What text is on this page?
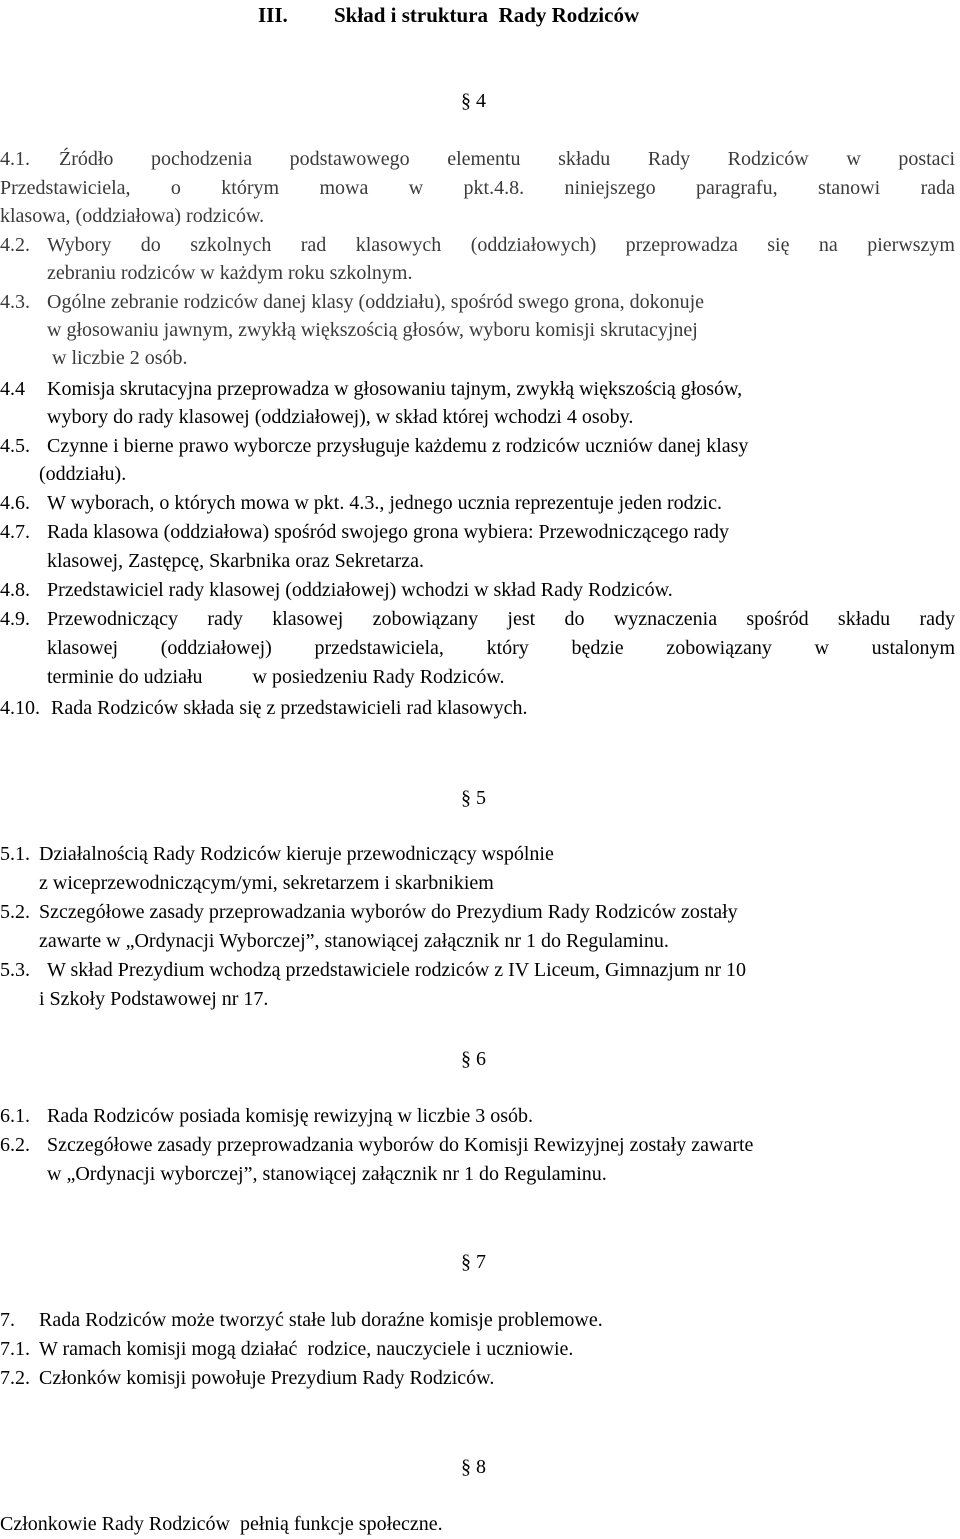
III. Skład i struktura  Rady Rodziców
§ 4
4.1. Źródło pochodzenia podstawowego elementu składu Rady Rodziców w postaci
Przedstawiciela, o którym mowa w pkt.4.8. niniejszego paragrafu, stanowi rada
klasowa, (oddziałowa) rodziców.
4.2. Wybory do szkolnych rad klasowych (oddziałowych) przeprowadza się na pierwszym
zebraniu rodziców w każdym roku szkolnym.
4.3. Ogólne zebranie rodziców danej klasy (oddziału), spośród swego grona, dokonuje
w głosowaniu jawnym, zwykłą większością głosów, wyboru komisji skrutacyjnej
w liczbie 2 osób.
4.4 Komisja skrutacyjna przeprowadza w głosowaniu tajnym, zwykłą większością głosów,
wybory do rady klasowej (oddziałowej), w skład której wchodzi 4 osoby.
4.5. Czynne i bierne prawo wyborcze przysługuje każdemu z rodziców uczniów danej klasy
(oddziału).
4.6. W wyborach, o których mowa w pkt. 4.3., jednego ucznia reprezentuje jeden rodzic.
4.7. Rada klasowa (oddziałowa) spośród swojego grona wybiera: Przewodniczącego rady
klasowej, Zastępcę, Skarbnika oraz Sekretarza.
4.8. Przedstawiciel rady klasowej (oddziałowej) wchodzi w skład Rady Rodziców.
4.9. Przewodniczący rady klasowej zobowiązany jest do wyznaczenia spośród składu rady
klasowej (oddziałowej) przedstawiciela, który będzie zobowiązany w ustalonym
terminie do udziału          w posiedzeniu Rady Rodziców.
4.10. Rada Rodziców składa się z przedstawicieli rad klasowych.
§ 5
5.1. Działalnością Rady Rodziców kieruje przewodniczący wspólnie
z wiceprzewodniczącym/ymi, sekretarzem i skarbnikiem
5.2. Szczegółowe zasady przeprowadzania wyborów do Prezydium Rady Rodziców zostały
zawarte w „Ordynacji Wyborczej”, stanowiącej załącznik nr 1 do Regulaminu.
5.3. W skład Prezydium wchodzą przedstawiciele rodziców z IV Liceum, Gimnazjum nr 10
i Szkoły Podstawowej nr 17.
§ 6
6.1. Rada Rodziców posiada komisję rewizyjną w liczbie 3 osób.
6.2. Szczegółowe zasady przeprowadzania wyborów do Komisji Rewizyjnej zostały zawarte
w „Ordynacji wyborczej”, stanowiącej załącznik nr 1 do Regulaminu.
§ 7
7. Rada Rodziców może tworzyć stałe lub doraźne komisje problemowe.
7.1. W ramach komisji mogą działać  rodzice, nauczyciele i uczniowie.
7.2. Członków komisji powołuje Prezydium Rady Rodziców.
§ 8
Członkowie Rady Rodziców  pełnią funkcje społeczne.
